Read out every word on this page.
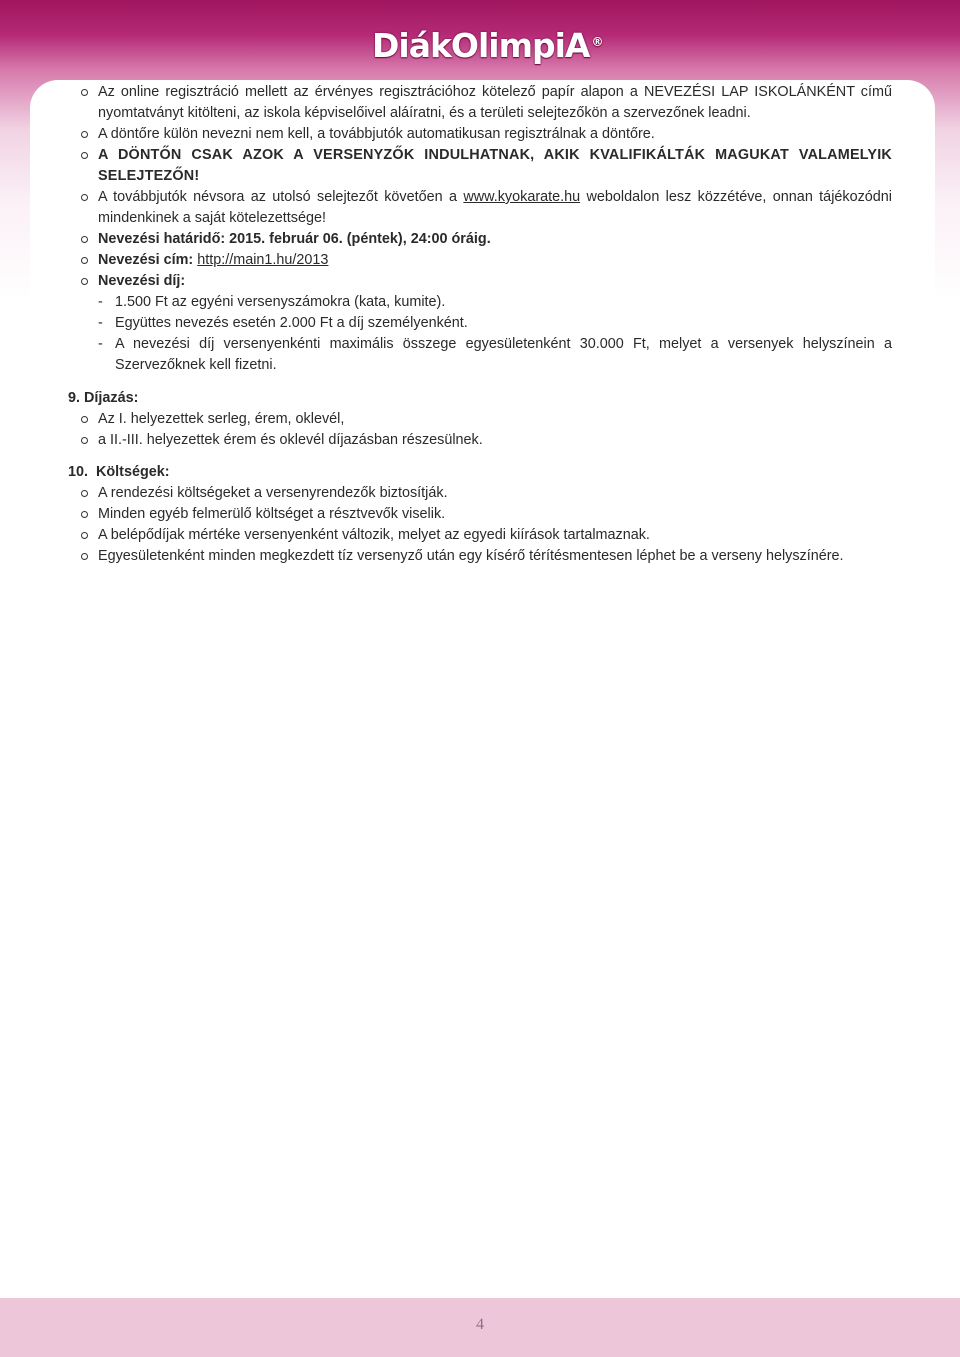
DiákOlimpiA ®
Az online regisztráció mellett az érvényes regisztrációhoz kötelező papír alapon a NEVEZÉSI LAP ISKOLÁNKÉNT című nyomtatványt kitölteni, az iskola képviselőivel aláíratni, és a területi selejtezőkön a szervezőnek leadni.
A döntőre külön nevezni nem kell, a továbbjutók automatikusan regisztrálnak a döntőre.
A DÖNTŐN CSAK AZOK A VERSENYZŐK INDULHATNAK, AKIK KVALIFIKÁLTÁK MAGUKAT VALAMELYIK SELEJTEZŐN!
A továbbjutók névsora az utolsó selejtezőt követően a www.kyokarate.hu weboldalon lesz közzétéve, onnan tájékozódni mindenkinek a saját kötelezettsége!
Nevezési határidő: 2015. február 06. (péntek), 24:00 óráig.
Nevezési cím: http://main1.hu/2013
Nevezési díj:
- 1.500 Ft az egyéni versenyszámokra (kata, kumite).
- Együttes nevezés esetén 2.000 Ft a díj személyenként.
- A nevezési díj versenyenkénti maximális összege egyesületenként 30.000 Ft, melyet a versenyek helyszínein a Szervezőknek kell fizetni.
9. Díjazás:
Az I. helyezettek serleg, érem, oklevél,
a II.-III. helyezettek érem és oklevél díjazásban részesülnek.
10.  Költségek:
A rendezési költségeket a versenyrendezők biztosítják.
Minden egyéb felmerülő költséget a résztvevők viselik.
A belépődíjak mértéke versenyenként változik, melyet az egyedi kiírások tartalmaznak.
Egyesületenként minden megkezdett tíz versenyző után egy kísérő térítésmentesen léphet be a verseny helyszínére.
4
